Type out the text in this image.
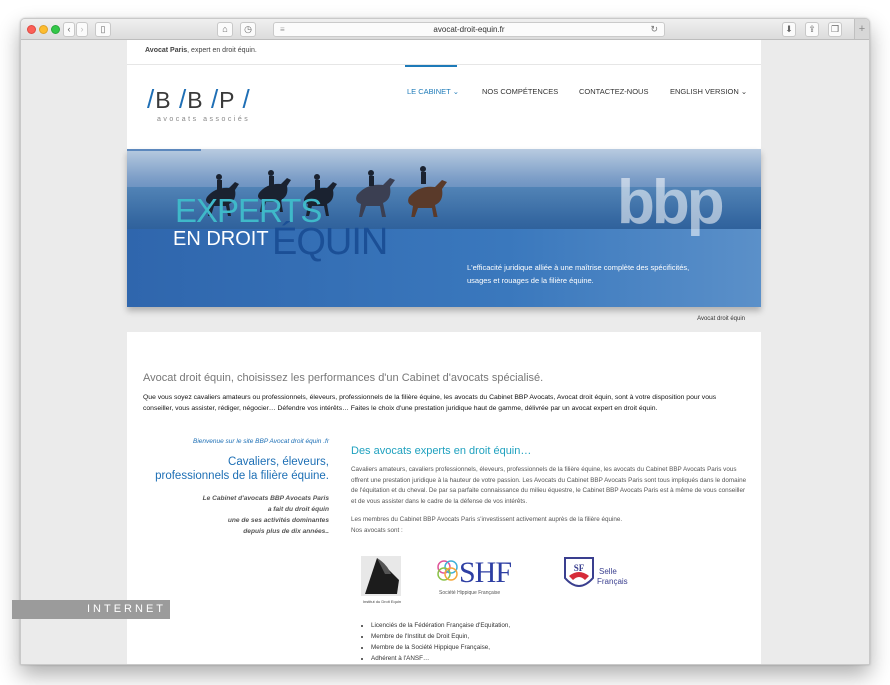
‹	›	▯	⌂	◷	≡	avocat-droit-equin.fr	↻	⬇	⇪	❐	+
Avocat Paris, expert en droit équin.
/B /B /P /
avocats associés
LE CABINET ⌄	NOS COMPÉTENCES	CONTACTEZ-NOUS	ENGLISH VERSION ⌄
EXPERTS
EN DROIT ÉQUIN
bbp
L'efficacité juridique alliée à une maîtrise complète des spécificités,
usages et rouages de la filière équine.
Avocat droit équin
Avocat droit équin, choisissez les performances d'un Cabinet d'avocats spécialisé.
Que vous soyez cavaliers amateurs ou professionnels, éleveurs, professionnels de la filière équine, les avocats du Cabinet BBP Avocats, Avocat droit équin, sont à votre disposition pour vous conseiller, vous assister, rédiger, négocier… Défendre vos intérêts… Faites le choix d'une prestation juridique haut de gamme, délivrée par un avocat expert en droit équin.
Bienvenue sur le site BBP Avocat droit équin .fr
Cavaliers, éleveurs,
professionnels de la filière équine.
Le Cabinet d'avocats BBP Avocats Paris
a fait du droit équin
une de ses activités dominantes
depuis plus de dix années..
Des avocats experts en droit équin…

Cavaliers amateurs, cavaliers professionnels, éleveurs, professionnels de la filière équine, les avocats du Cabinet BBP Avocats Paris vous offrent une prestation juridique à la hauteur de votre passion. Les Avocats du Cabinet BBP Avocats Paris sont tous impliqués dans le domaine de l'équitation et du cheval. De par sa parfaite connaissance du milieu équestre, le Cabinet BBP Avocats Paris est à même de vous conseiller et de vous assister dans le cadre de la défense de vos intérêts.

Les membres du Cabinet BBP Avocats Paris s'investissent activement auprès de la filière équine.
Nos avocats sont :

Institut du Droit Equin
SHF
Société Hippique Française
SF Selle
Français
• Licenciés de la Fédération Française d'Equitation,
• Membre de l'Institut de Droit Equin,
• Membre de la Société Hippique Française,
• Adhérent à l'ANSF…
INTERNET
